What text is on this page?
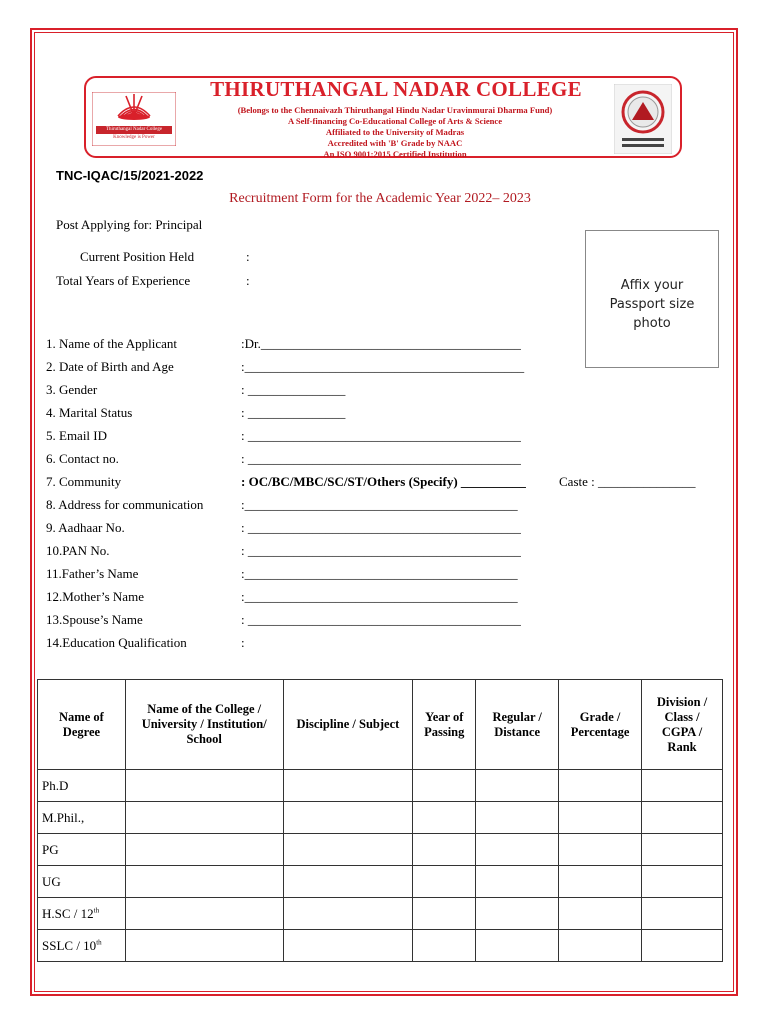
Thiruthangal Nadar College
Knowledge is Power
THIRUTHANGAL NADAR COLLEGE
(Belongs to the Chennaivazh Thiruthangal Hindu Nadar Uravinmurai Dharma Fund)
A Self-financing Co-Educational College of Arts & Science
Affiliated to the University of Madras
Accredited with 'B' Grade by NAAC
An ISO 9001:2015 Certified Institution
TNC-IQAC/15/2021-2022
Recruitment Form for the Academic Year 2022– 2023
Post Applying for: Principal
Current Position Held	:
Total Years of Experience	:	Affix your
Passport size
photo
1. Name of the Applicant	:Dr.________________________________________
2. Date of Birth and Age	:___________________________________________
3. Gender	: _______________
4. Marital Status	: _______________
5. Email ID	: __________________________________________
6. Contact no.	: __________________________________________
7. Community	: OC/BC/MBC/SC/ST/Others (Specify) __________	Caste : _______________
8. Address for communication	:__________________________________________
9. Aadhaar No.	: __________________________________________
10.PAN No.	: __________________________________________
11.Father’s Name	:__________________________________________
12.Mother’s Name	:__________________________________________
13.Spouse’s Name	: __________________________________________
14.Education Qualification	:
Name of Degree	Name of the College / University / Institution/ School	Discipline / Subject	Year of Passing	Regular / Distance	Grade / Percentage	Division / Class / CGPA / Rank
Ph.D						
M.Phil.,						
PG						
UG						
H.SC / 12th						
SSLC / 10th						
